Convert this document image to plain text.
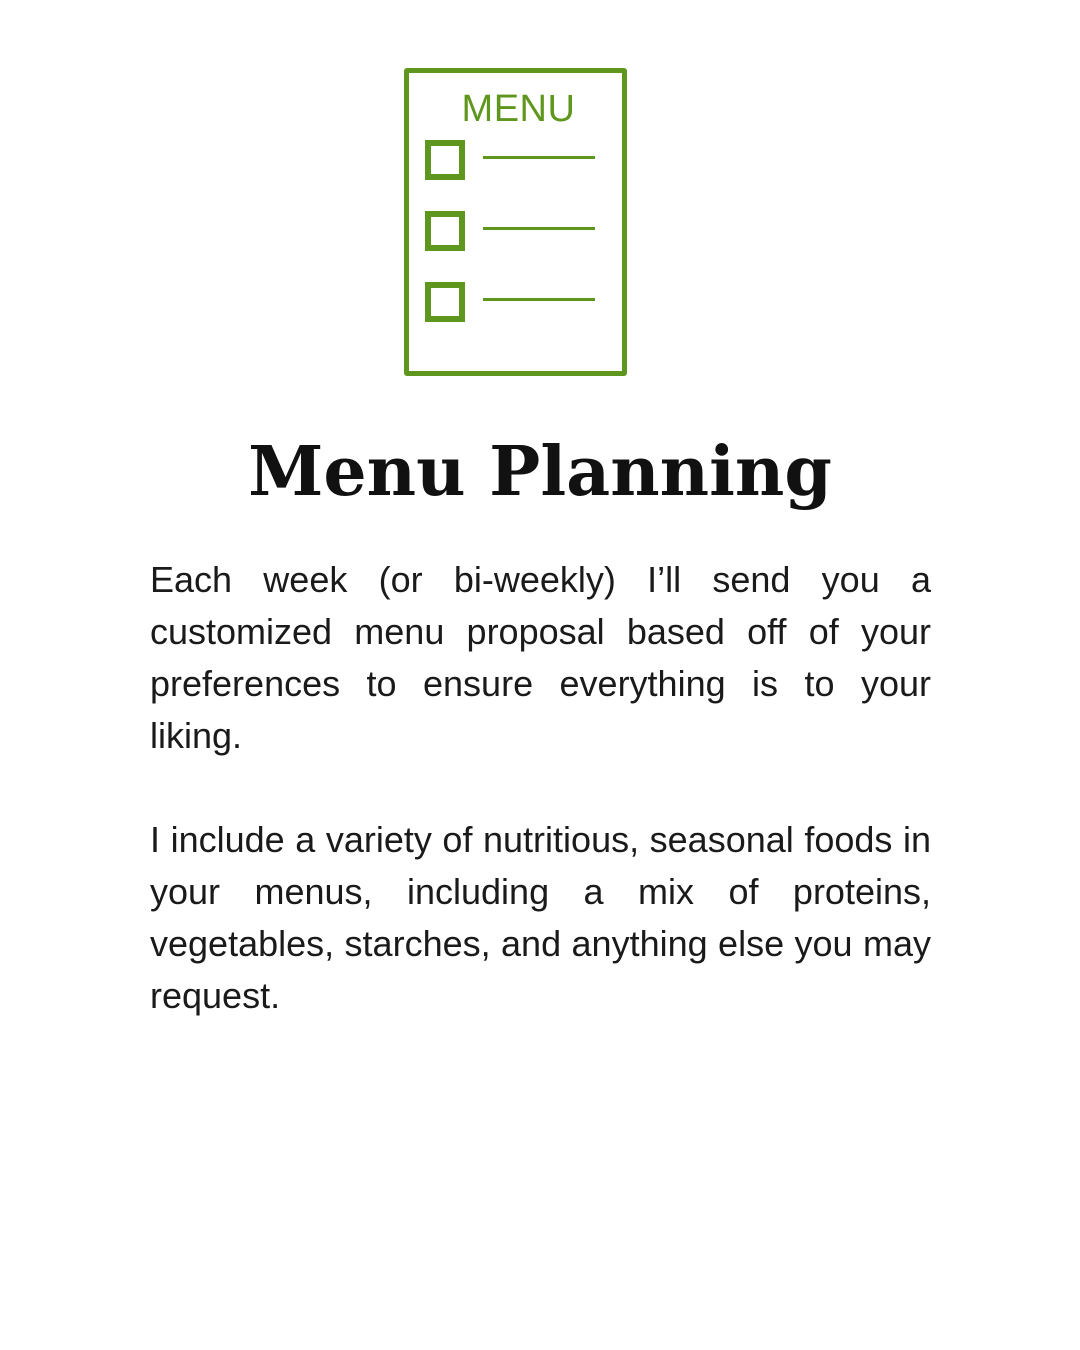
MENU
Menu Planning

Each week (or bi-weekly) I’ll send you a customized menu proposal based off of your preferences to ensure everything is to your liking.

I include a variety of nutritious, seasonal foods in your menus, including a mix of proteins, vegetables, starches, and anything else you may request.
